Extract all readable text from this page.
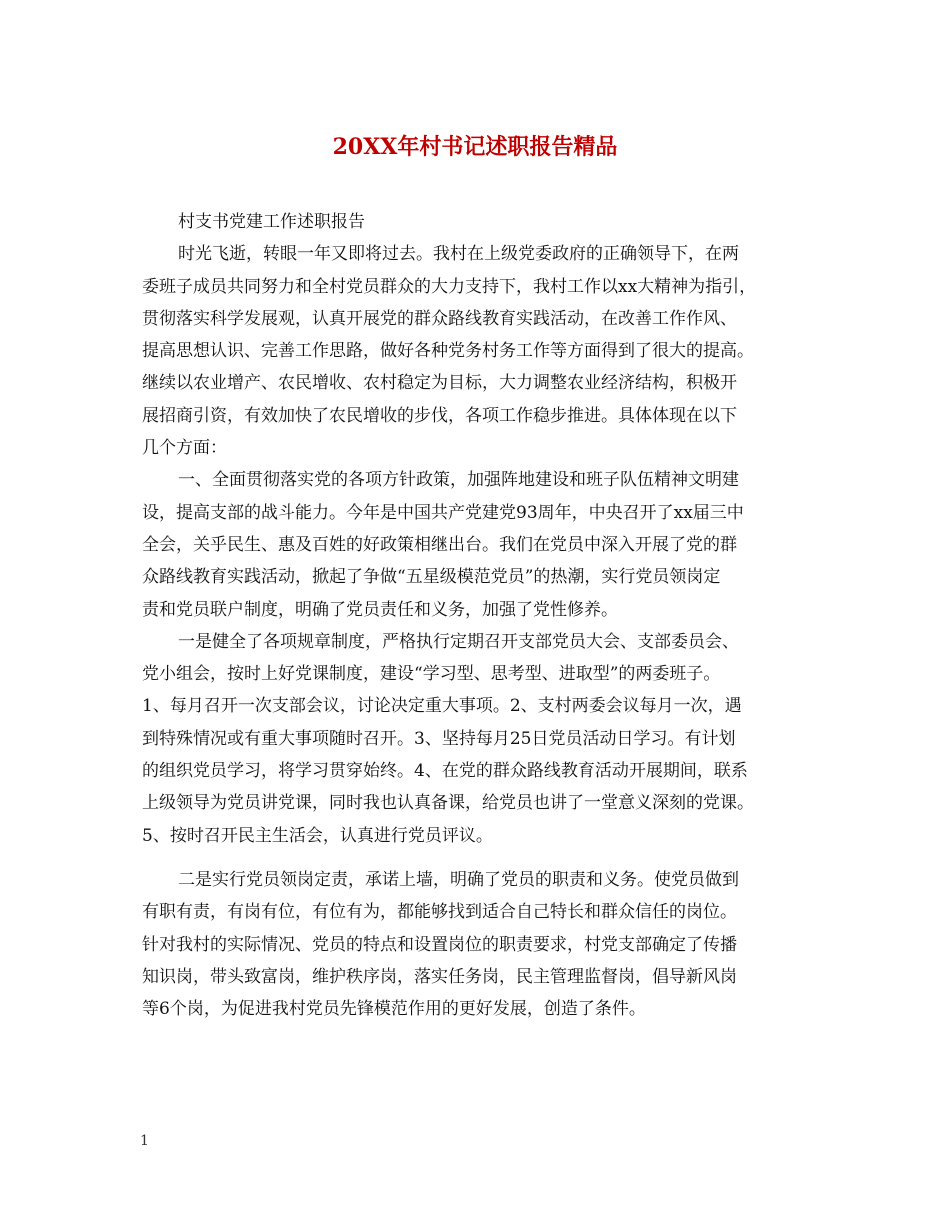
20XX年村书记述职报告精品
村支书党建工作述职报告
时光飞逝，转眼一年又即将过去。我村在上级党委政府的正确领导下，在两
委班子成员共同努力和全村党员群众的大力支持下，我村工作以xx大精神为指引，
贯彻落实科学发展观，认真开展党的群众路线教育实践活动，在改善工作作风、
提高思想认识、完善工作思路，做好各种党务村务工作等方面得到了很大的提高。
继续以农业增产、农民增收、农村稳定为目标，大力调整农业经济结构，积极开
展招商引资，有效加快了农民增收的步伐，各项工作稳步推进。具体体现在以下
几个方面：
一、全面贯彻落实党的各项方针政策，加强阵地建设和班子队伍精神文明建
设，提高支部的战斗能力。今年是中国共产党建党93周年，中央召开了xx届三中
全会，关乎民生、惠及百姓的好政策相继出台。我们在党员中深入开展了党的群
众路线教育实践活动，掀起了争做“五星级模范党员”的热潮，实行党员领岗定
责和党员联户制度，明确了党员责任和义务，加强了党性修养。
一是健全了各项规章制度，严格执行定期召开支部党员大会、支部委员会、
党小组会，按时上好党课制度，建设“学习型、思考型、进取型”的两委班子。
1、每月召开一次支部会议，讨论决定重大事项。2、支村两委会议每月一次，遇
到特殊情况或有重大事项随时召开。3、坚持每月25日党员活动日学习。有计划
的组织党员学习，将学习贯穿始终。4、在党的群众路线教育活动开展期间，联系
上级领导为党员讲党课，同时我也认真备课，给党员也讲了一堂意义深刻的党课。
5、按时召开民主生活会，认真进行党员评议。
二是实行党员领岗定责，承诺上墙，明确了党员的职责和义务。使党员做到
有职有责，有岗有位，有位有为，都能够找到适合自己特长和群众信任的岗位。
针对我村的实际情况、党员的特点和设置岗位的职责要求，村党支部确定了传播
知识岗，带头致富岗，维护秩序岗，落实任务岗，民主管理监督岗，倡导新风岗
等6个岗，为促进我村党员先锋模范作用的更好发展，创造了条件。
1
